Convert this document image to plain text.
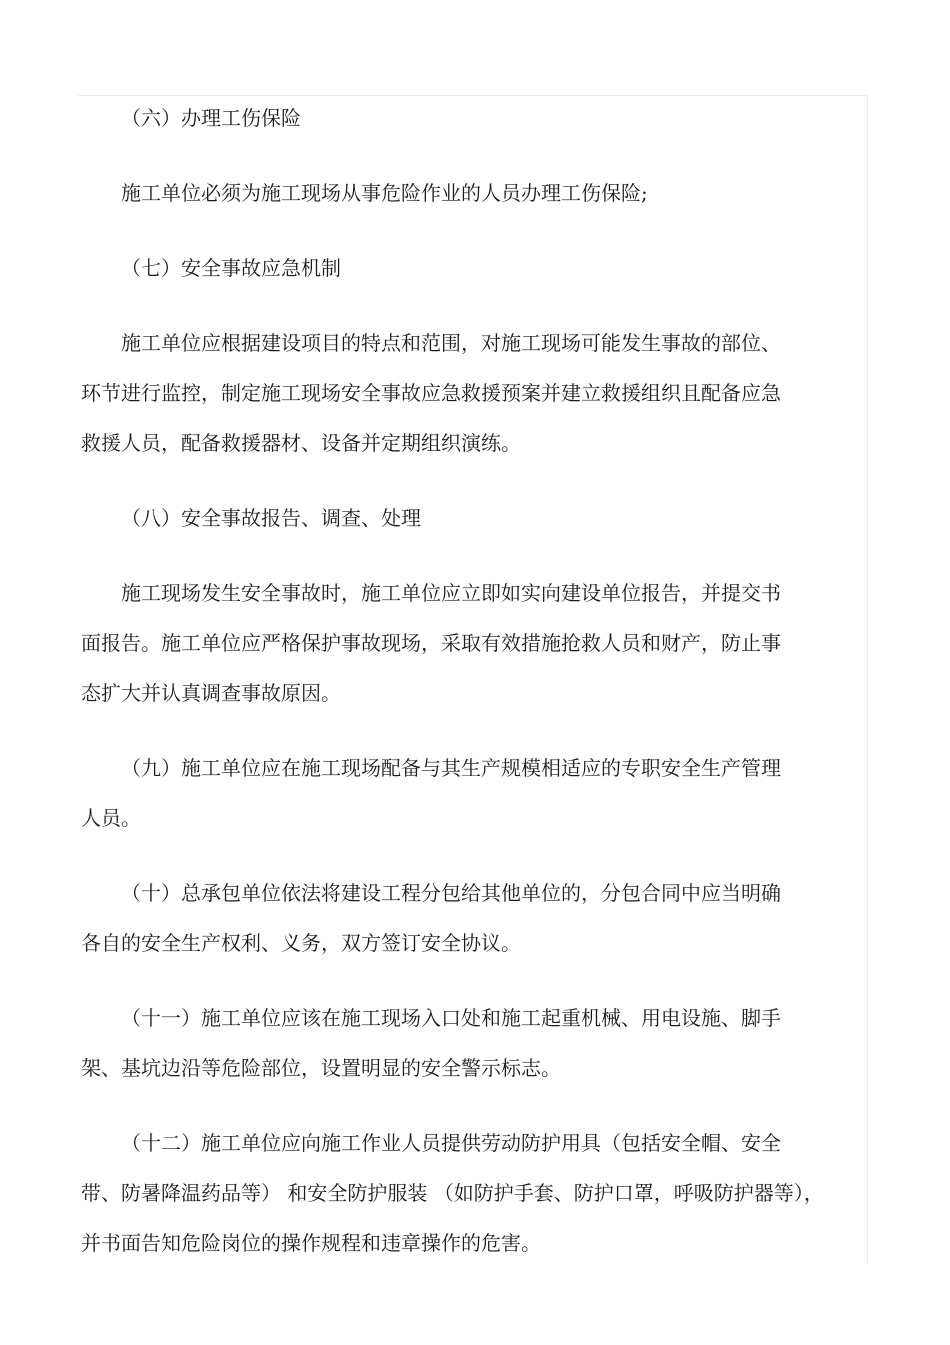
（六）办理工伤保险
施工单位必须为施工现场从事危险作业的人员办理工伤保险;
（七）安全事故应急机制
施工单位应根据建设项目的特点和范围，对施工现场可能发生事故的部位、
环节进行监控，制定施工现场安全事故应急救援预案并建立救援组织且配备应急
救援人员，配备救援器材、设备并定期组织演练。
（八）安全事故报告、调查、处理
施工现场发生安全事故时，施工单位应立即如实向建设单位报告，并提交书
面报告。施工单位应严格保护事故现场，采取有效措施抢救人员和财产，防止事
态扩大并认真调查事故原因。
（九）施工单位应在施工现场配备与其生产规模相适应的专职安全生产管理
人员。
（十）总承包单位依法将建设工程分包给其他单位的，分包合同中应当明确
各自的安全生产权利、义务，双方签订安全协议。
（十一）施工单位应该在施工现场入口处和施工起重机械、用电设施、脚手
架、基坑边沿等危险部位，设置明显的安全警示标志。
（十二）施工单位应向施工作业人员提供劳动防护用具（包括安全帽、安全
带、防暑降温药品等） 和安全防护服装 （如防护手套、防护口罩，呼吸防护器等），
并书面告知危险岗位的操作规程和违章操作的危害。
